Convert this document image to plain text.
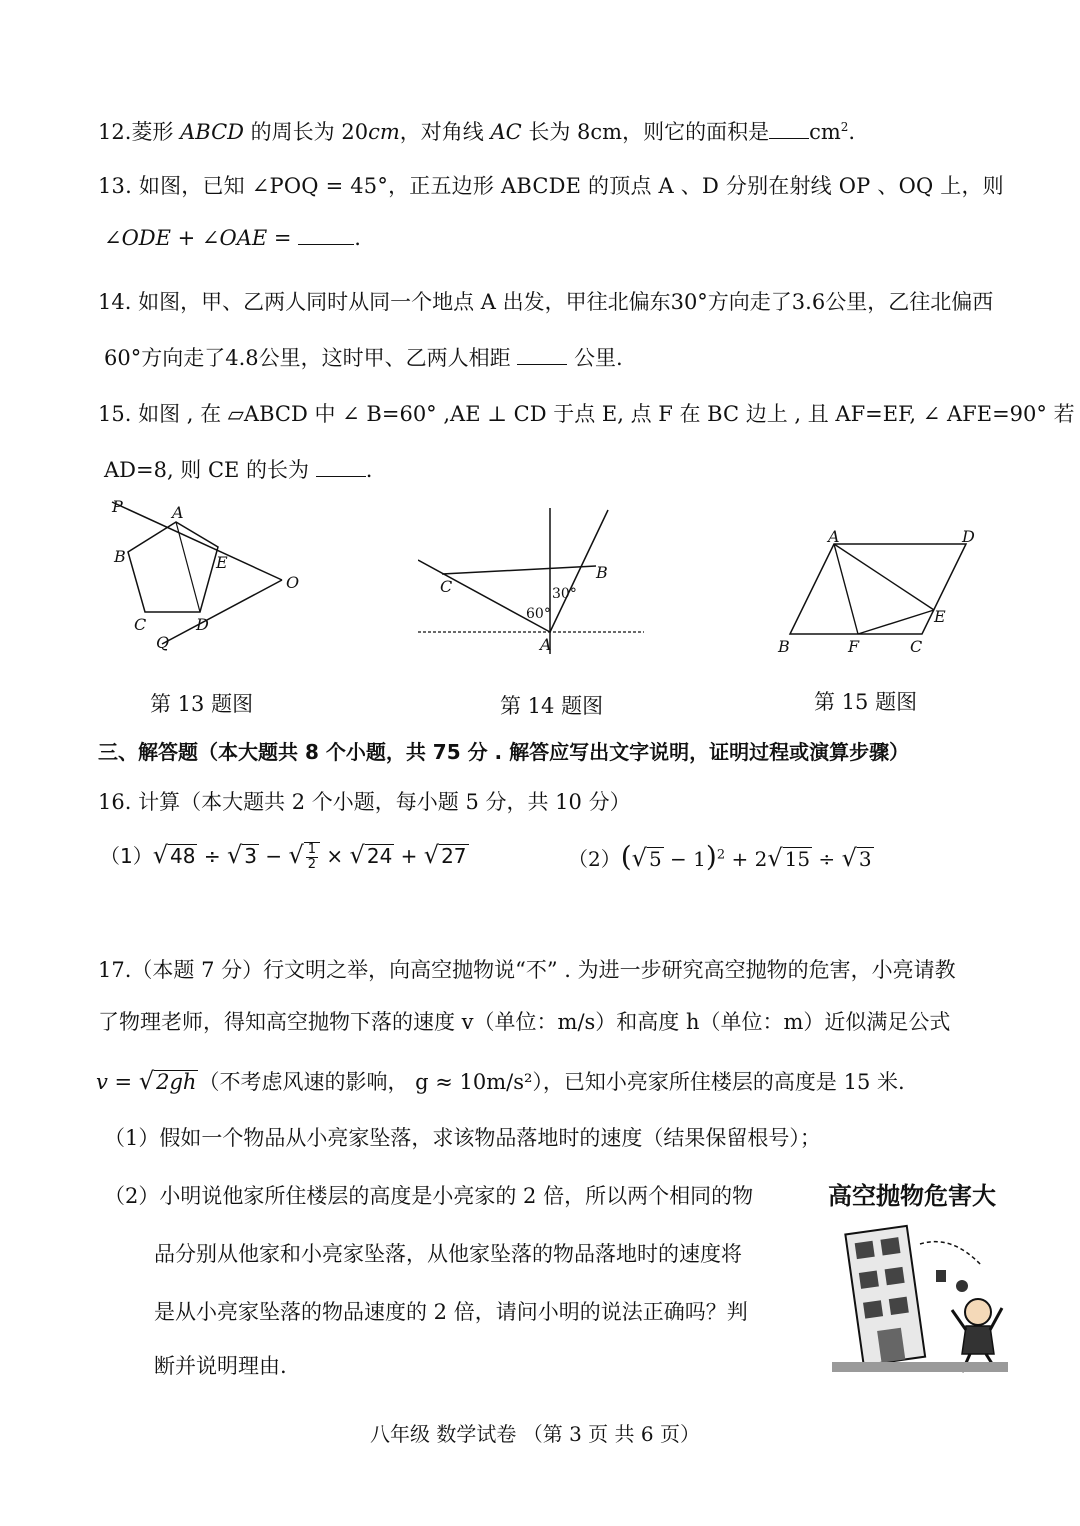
12.菱形 ABCD 的周长为 20cm，对角线 AC 长为 8cm，则它的面积是 $cm^2$.
13. 如图，已知 ∠POQ = 45°，正五边形 ABCDE 的顶点 A 、D 分别在射线 OP 、OQ 上，则
∠ODE + ∠OAE =	.
14. 如图，甲、乙两人同时从同一个地点 A 出发，甲往北偏东30°方向走了3.6公里，乙往北偏西
60°方向走了4.8公里，这时甲、乙两人相距  公里.
15. 如图 , 在 ▱ABCD 中 ∠ B=60° ,AE ⊥ CD 于点 E, 点 F 在 BC 边上 , 且 AF=EF, ∠ AFE=90° 若
AD=8, 则 CE 的长为 .
P	A
B	E
O
C	D
Q
C
B
A
30°
60°
A	D
E
B	F	C
第 13 题图	第 14 题图	第 15 题图
三、解答题（本大题共 8 个小题，共 75 分 . 解答应写出文字说明，证明过程或演算步骤）
16. 计算（本大题共 2 个小题，每小题 5 分，共 10 分）
（1）√ 48 ÷ √ 3 − √ $\frac{1}{2}$ × √ 24 + √ 27	（2）(√ 5 − 1)$^2$ + 2√ 15 ÷ √ 3
17.（本题 7 分）行文明之举，向高空抛物说“不” . 为进一步研究高空抛物的危害，小亮请教
了物理老师，得知高空抛物下落的速度 v（单位：m/s）和高度 h（单位：m）近似满足公式
v = √2gh（不考虑风速的影响， g ≈ 10m/s²），已知小亮家所住楼层的高度是 15 米.
（1）假如一个物品从小亮家坠落，求该物品落地时的速度（结果保留根号）；
（2）小明说他家所住楼层的高度是小亮家的 2 倍，所以两个相同的物
品分别从他家和小亮家坠落，从他家坠落的物品落地时的速度将
是从小亮家坠落的物品速度的 2 倍，请问小明的说法正确吗？判
断并说明理由.
高空抛物危害大
八年级 数学试卷 （第 3 页 共 6 页）
